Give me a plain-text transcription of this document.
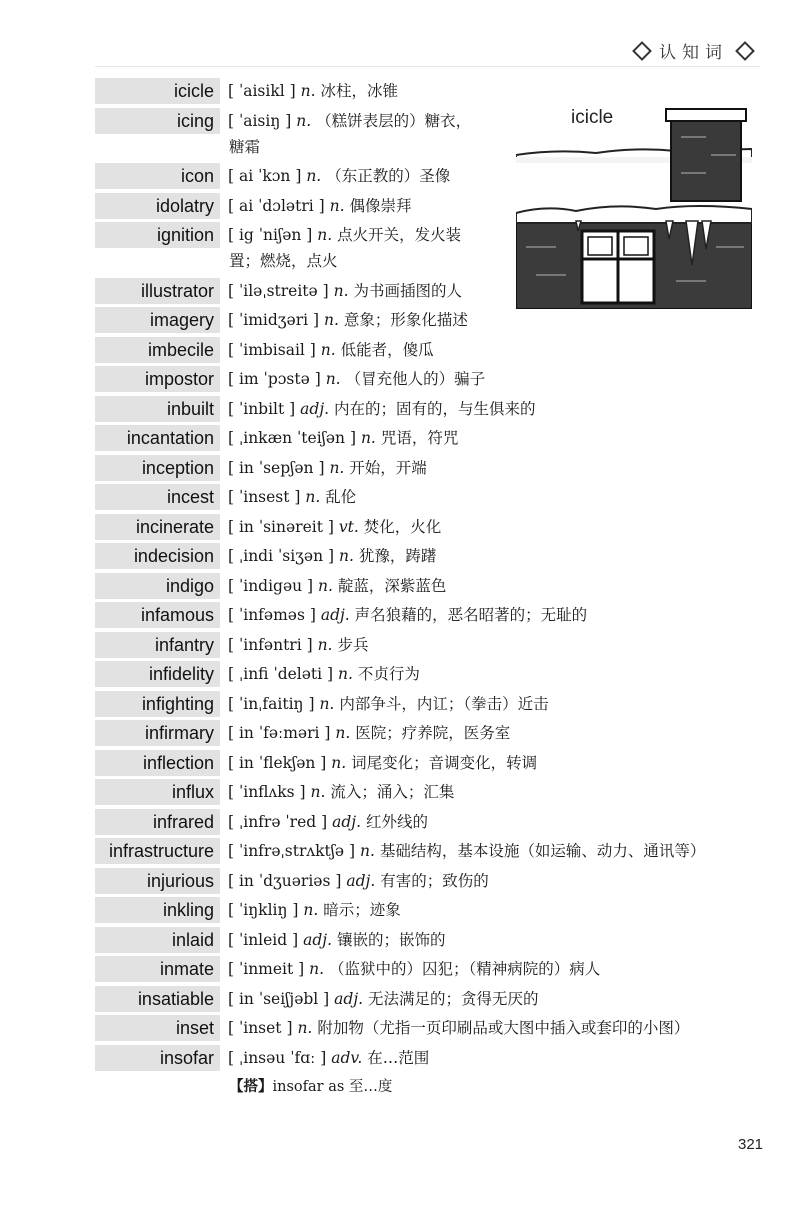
认知词
icicle [ ˈaisikl ] n. 冰柱，冰锥
icing [ ˈaisiŋ ] n. （糕饼表层的）糖衣，
糖霜
icon [ ai ˈkɔn ] n. （东正教的）圣像
idolatry [ ai ˈdɔlətri ] n. 偶像崇拜
ignition [ ig ˈniʃən ] n. 点火开关，发火装
置；燃烧，点火
illustrator [ ˈiləˌstreitə ] n. 为书画插图的人
imagery [ ˈimidʒəri ] n. 意象；形象化描述
imbecile [ ˈimbisail ] n. 低能者，傻瓜
impostor [ im ˈpɔstə ] n. （冒充他人的）骗子
inbuilt [ ˈinbilt ] adj. 内在的；固有的，与生俱来的
incantation [ ˌinkæn ˈteiʃən ] n. 咒语，符咒
inception [ in ˈsepʃən ] n. 开始，开端
incest [ ˈinsest ] n. 乱伦
incinerate [ in ˈsinəreit ] vt. 焚化，火化
indecision [ ˌindi ˈsiʒən ] n. 犹豫，踌躇
indigo [ ˈindigəu ] n. 靛蓝，深紫蓝色
infamous [ ˈinfəməs ] adj. 声名狼藉的，恶名昭著的；无耻的
infantry [ ˈinfəntri ] n. 步兵
infidelity [ ˌinfi ˈdeləti ] n. 不贞行为
infighting [ ˈinˌfaitiŋ ] n. 内部争斗，内讧；（拳击）近击
infirmary [ in ˈfəːməri ] n. 医院；疗养院，医务室
inflection [ in ˈflekʃən ] n. 词尾变化；音调变化，转调
influx [ ˈinflʌks ] n. 流入；涌入；汇集
infrared [ ˌinfrə ˈred ] adj. 红外线的
infrastructure [ ˈinfrəˌstrʌktʃə ] n. 基础结构，基本设施（如运输、动力、通讯等）
injurious [ in ˈdʒuəriəs ] adj. 有害的；致伤的
inkling [ ˈiŋkliŋ ] n. 暗示；迹象
inlaid [ ˈinleid ] adj. 镶嵌的；嵌饰的
inmate [ ˈinmeit ] n. （监狱中的）囚犯；（精神病院的）病人
insatiable [ in ˈseiʃjəbl ] adj. 无法满足的；贪得无厌的
inset [ ˈinset ] n. 附加物（尤指一页印刷品或大图中插入或套印的小图）
insofar [ ˌinsəu ˈfɑː ] adv. 在…范围
【搭】insofar as 至…度
icicle
321
